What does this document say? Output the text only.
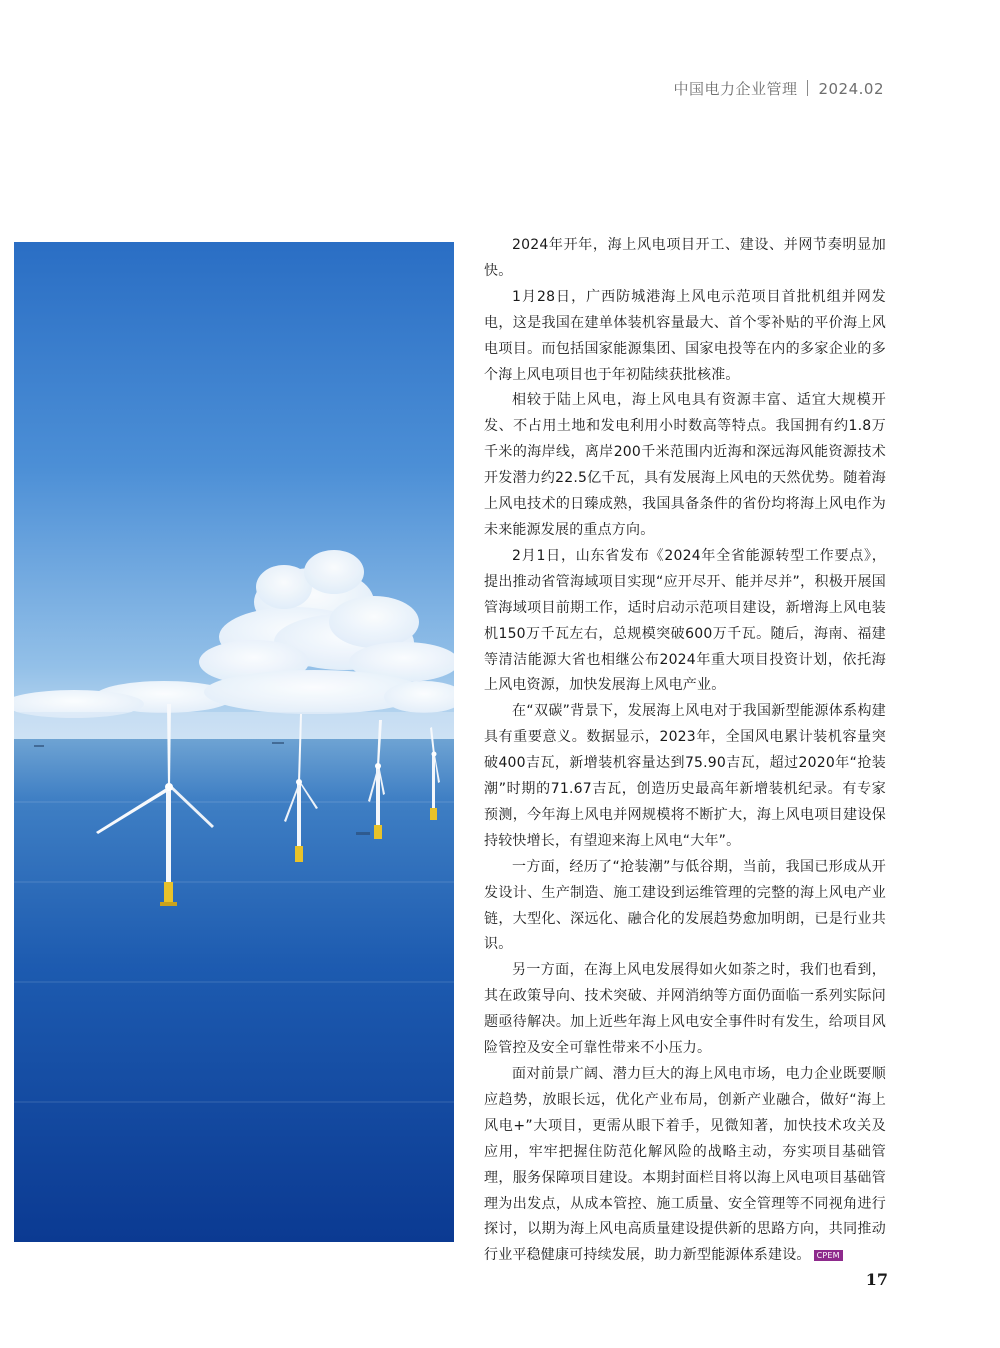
中国电力企业管理 2024.02

2024年开年，海上风电项目开工、建设、并网节奏明显加快。

1月28日，广西防城港海上风电示范项目首批机组并网发电，这是我国在建单体装机容量最大、首个零补贴的平价海上风电项目。而包括国家能源集团、国家电投等在内的多家企业的多个海上风电项目也于年初陆续获批核准。

相较于陆上风电，海上风电具有资源丰富、适宜大规模开发、不占用土地和发电利用小时数高等特点。我国拥有约1.8万千米的海岸线，离岸200千米范围内近海和深远海风能资源技术开发潜力约22.5亿千瓦，具有发展海上风电的天然优势。随着海上风电技术的日臻成熟，我国具备条件的省份均将海上风电作为未来能源发展的重点方向。

2月1日，山东省发布《2024年全省能源转型工作要点》，提出推动省管海域项目实现“应开尽开、能并尽并”，积极开展国管海域项目前期工作，适时启动示范项目建设，新增海上风电装机150万千瓦左右，总规模突破600万千瓦。随后，海南、福建等清洁能源大省也相继公布2024年重大项目投资计划，依托海上风电资源，加快发展海上风电产业。

在“双碳”背景下，发展海上风电对于我国新型能源体系构建具有重要意义。数据显示，2023年，全国风电累计装机容量突破400吉瓦，新增装机容量达到75.90吉瓦，超过2020年“抢装潮”时期的71.67吉瓦，创造历史最高年新增装机纪录。有专家预测，今年海上风电并网规模将不断扩大，海上风电项目建设保持较快增长，有望迎来海上风电“大年”。

一方面，经历了“抢装潮”与低谷期，当前，我国已形成从开发设计、生产制造、施工建设到运维管理的完整的海上风电产业链，大型化、深远化、融合化的发展趋势愈加明朗，已是行业共识。

另一方面，在海上风电发展得如火如荼之时，我们也看到，其在政策导向、技术突破、并网消纳等方面仍面临一系列实际问题亟待解决。加上近些年海上风电安全事件时有发生，给项目风险管控及安全可靠性带来不小压力。

面对前景广阔、潜力巨大的海上风电市场，电力企业既要顺应趋势，放眼长远，优化产业布局，创新产业融合，做好“海上风电+”大项目，更需从眼下着手，见微知著，加快技术攻关及应用，牢牢把握住防范化解风险的战略主动，夯实项目基础管理，服务保障项目建设。本期封面栏目将以海上风电项目基础管理为出发点，从成本管控、施工质量、安全管理等不同视角进行探讨，以期为海上风电高质量建设提供新的思路方向，共同推动行业平稳健康可持续发展，助力新型能源体系建设。 CPEM

17
